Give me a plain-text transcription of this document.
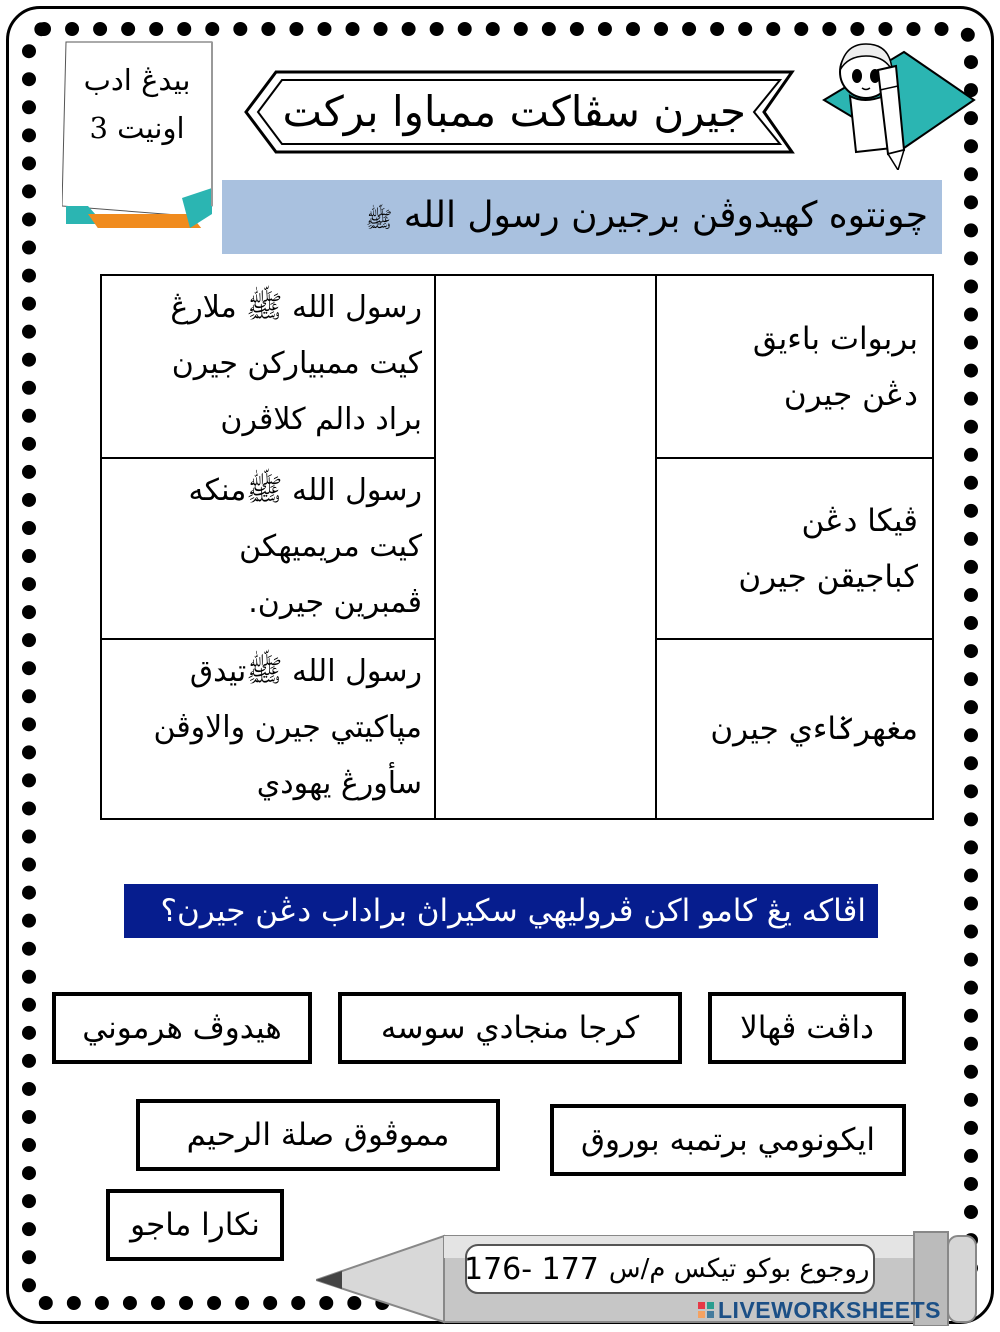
بيدڠ ادب
اونيت 3	جيرن سڤاكت ممباوا بركت
چونتوه كهيدوڤن برجيرن رسول الله ﷺ
رسول الله ﷺ ملارڠ
كيت ممبياركن جيرن
براد دالم كلاڤرن
بربوات باءيق
دڠن جيرن
رسول الله ﷺمنكه
كيت مريميهكن
ڤمبرين جيرن.
ڤيكا دڠن
كباجيقن جيرن
رسول الله ﷺتيدق
مپاكيتي جيرن والاوڤن
سأورڠ يهودي
مغهرݢاءي جيرن
اڤاكه يڠ كامو اكن ڤروليهي سكيراڽ براداب دڠن جيرن؟
داڤت ڤهالا
كرجا منجادي سوسه
هيدوڤ هرموني
ايكونومي برتمبه بوروق
مموڤوق صلة الرحيم
نكارا ماجو
روجوع بوكو تيكس م/س
176- 177
LIVEWORKSHEETS
